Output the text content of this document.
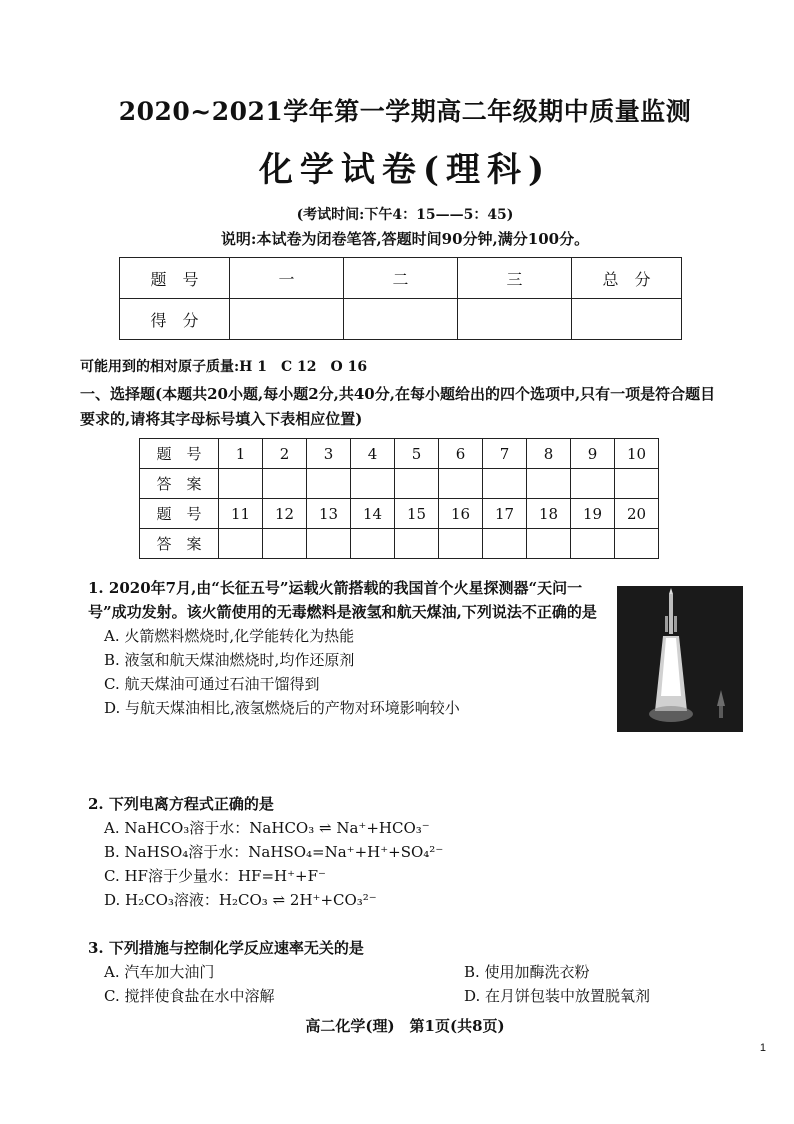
2020~2021学年第一学期高二年级期中质量监测
化学试卷(理科)
(考试时间:下午4：15——5：45)
说明:本试卷为闭卷笔答,答题时间90分钟,满分100分。
题　号	一	二	三	总　分
得　分				
可能用到的相对原子质量:H 1　C 12　O 16
一、选择题(本题共20小题,每小题2分,共40分,在每小题给出的四个选项中,只有一项是符合题目要求的,请将其字母标号填入下表相应位置)
题　号	1	2	3	4	5	6	7	8	9	10
答　案										
题　号	11	12	13	14	15	16	17	18	19	20
答　案										
1. 2020年7月,由“长征五号”运载火箭搭载的我国首个火星探测器“天问一号”成功发射。该火箭使用的无毒燃料是液氢和航天煤油,下列说法不正确的是
A. 火箭燃料燃烧时,化学能转化为热能
B. 液氢和航天煤油燃烧时,均作还原剂
C. 航天煤油可通过石油干馏得到
D. 与航天煤油相比,液氢燃烧后的产物对环境影响较小
2. 下列电离方程式正确的是
A. NaHCO₃溶于水：NaHCO₃ ⇌ Na⁺+HCO₃⁻
B. NaHSO₄溶于水：NaHSO₄=Na⁺+H⁺+SO₄²⁻
C. HF溶于少量水：HF=H⁺+F⁻
D. H₂CO₃溶液：H₂CO₃ ⇌ 2H⁺+CO₃²⁻
3. 下列措施与控制化学反应速率无关的是
A. 汽车加大油门	B. 使用加酶洗衣粉
C. 搅拌使食盐在水中溶解	D. 在月饼包装中放置脱氧剂
高二化学(理)　第1页(共8页)
1
